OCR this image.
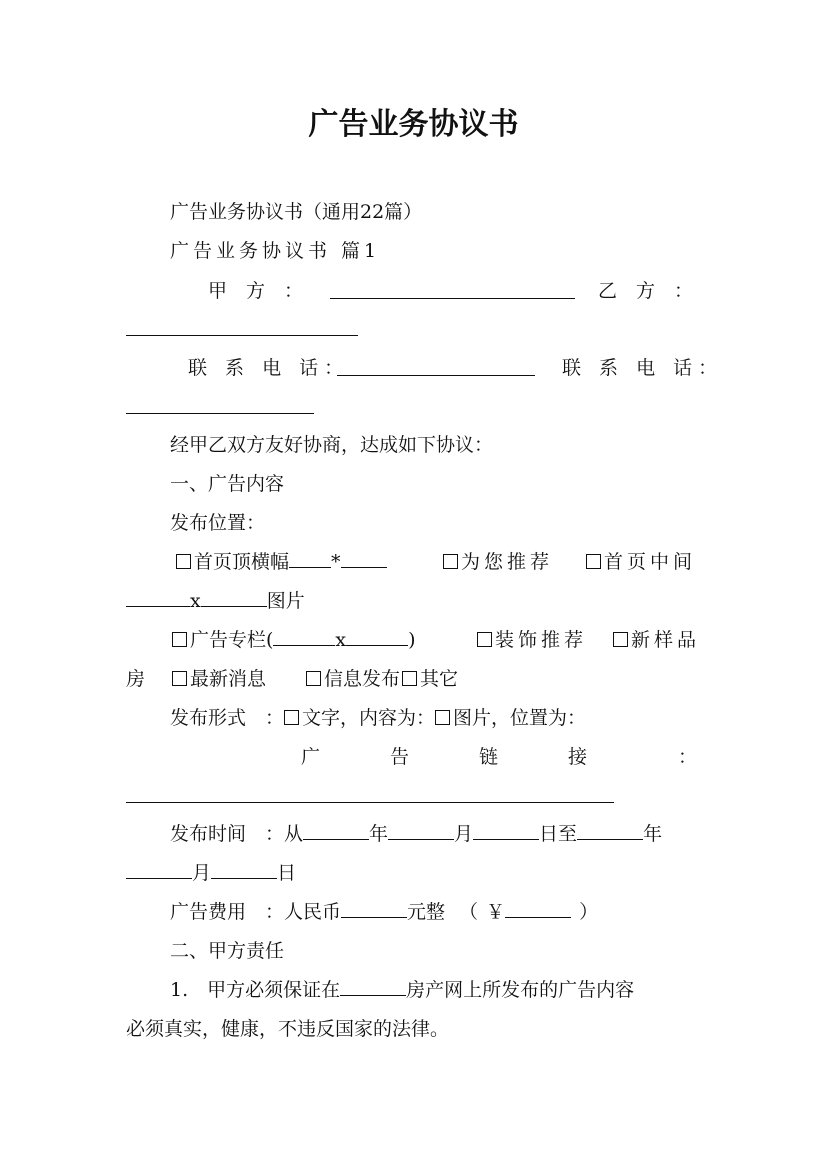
广告业务协议书
广告业务协议书（通用22篇）
广告业务协议书 篇1
甲　方　：	乙　方　：
联 系 电 话：	联 系 电 话：
经甲乙双方友好协商，达成如下协议：
一、广告内容
发布位置：
首页顶横幅 *	为您推荐	首页中间
x	图片
广告专栏(	x	)	装饰推荐	新样品
房	最新消息	信息发布 其它
发布形式　： 文字，内容为： 图片，位置为：
广	告	链	接	：
发布时间　：从	年	月	日至	年
月	日
广告费用　：人民币	元整 （ ￥	）
二、甲方责任
1.　甲方必须保证在	房产网上所发布的广告内容
必须真实，健康，不违反国家的法律。
